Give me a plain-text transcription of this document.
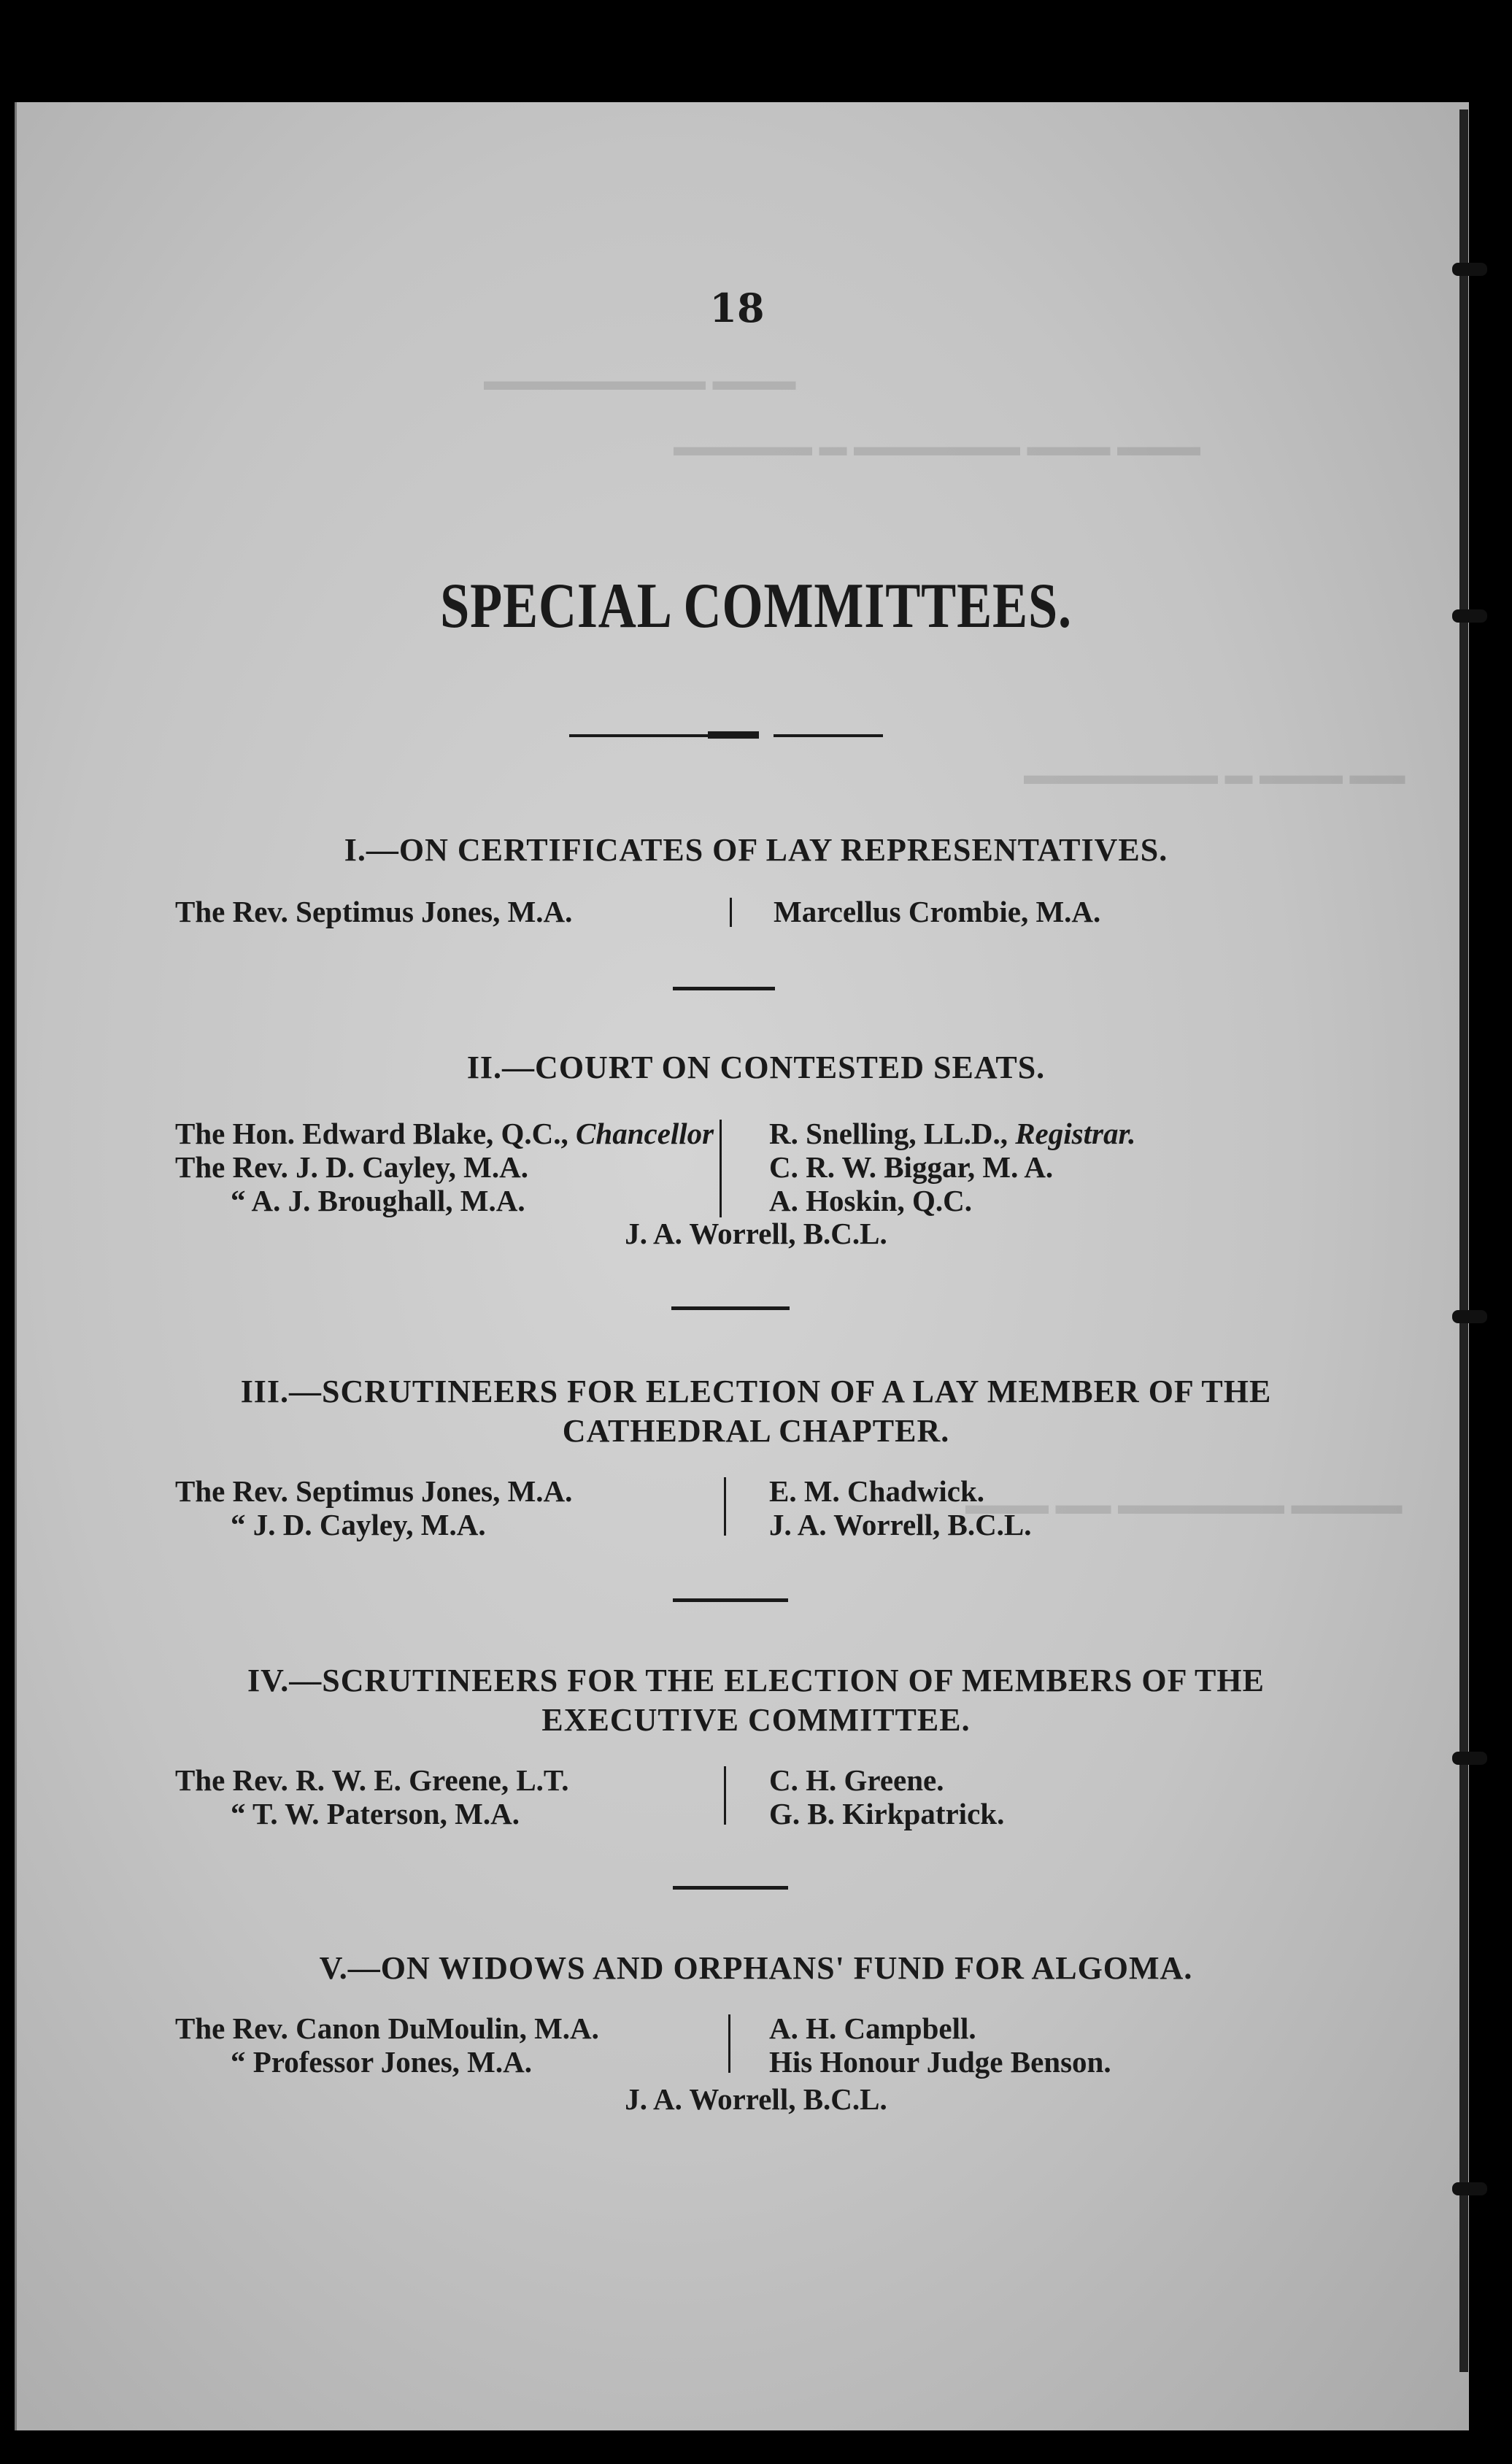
▬▬▬ ▬▬▬▬▬▬▬▬
▬▬▬ ▬▬▬ ▬▬▬▬▬▬ ▬ ▬▬▬▬▬
▬▬ ▬▬▬ ▬ ▬▬▬▬▬▬▬
▬▬▬▬ ▬▬▬▬▬▬ ▬▬ ▬▬▬
18
SPECIAL COMMITTEES.
I.—ON CERTIFICATES OF LAY REPRESENTATIVES.
The Rev. Septimus Jones, M.A.	Marcellus Crombie, M.A.
II.—COURT ON CONTESTED SEATS.
The Hon. Edward Blake, Q.C., Chancellor
The Rev. J. D. Cayley, M.A.
“ A. J. Broughall, M.A.
R. Snelling, LL.D., Registrar.
C. R. W. Biggar, M. A.
A. Hoskin, Q.C.
J. A. Worrell, B.C.L.
III.—SCRUTINEERS FOR ELECTION OF A LAY MEMBER OF THE
CATHEDRAL CHAPTER.
The Rev. Septimus Jones, M.A.
“ J. D. Cayley, M.A.
E. M. Chadwick.
J. A. Worrell, B.C.L.
IV.—SCRUTINEERS FOR THE ELECTION OF MEMBERS OF THE
EXECUTIVE COMMITTEE.
The Rev. R. W. E. Greene, L.T.
“ T. W. Paterson, M.A.
C. H. Greene.
G. B. Kirkpatrick.
V.—ON WIDOWS AND ORPHANS' FUND FOR ALGOMA.
The Rev. Canon DuMoulin, M.A.
“ Professor Jones, M.A.
A. H. Campbell.
His Honour Judge Benson.
J. A. Worrell, B.C.L.
